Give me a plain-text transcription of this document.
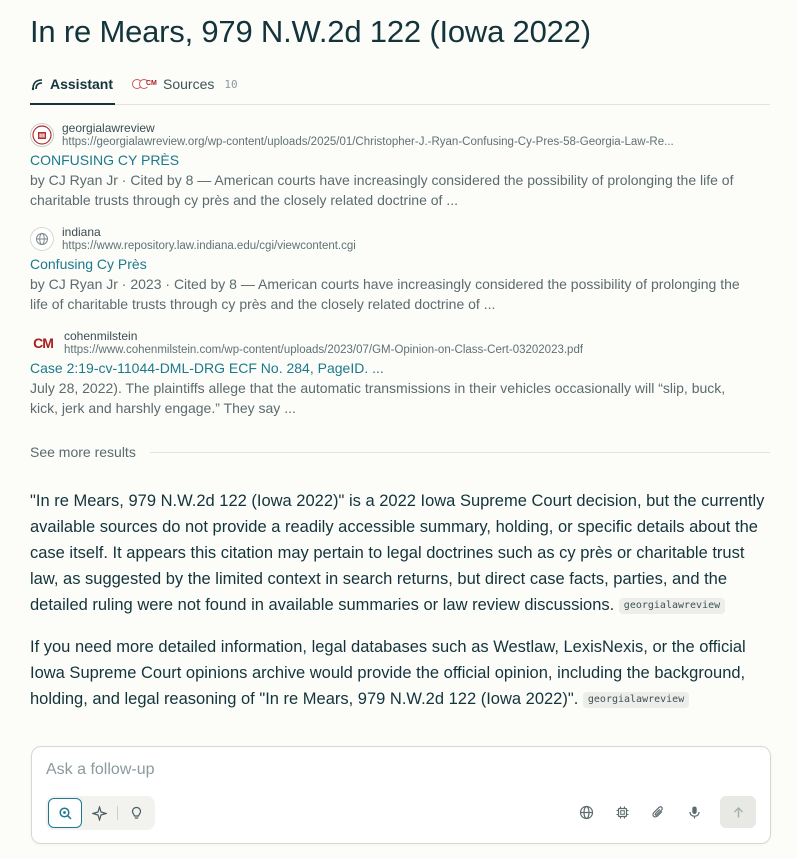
In re Mears, 979 N.W.2d 122 (Iowa 2022)
Assistant	CM Sources 10
georgialawreview
https://georgialawreview.org/wp-content/uploads/2025/01/Christopher-J.-Ryan-Confusing-Cy-Pres-58-Georgia-Law-Re...
CONFUSING CY PRÈS
by CJ Ryan Jr · Cited by 8 — American courts have increasingly considered the possibility of prolonging the life of charitable trusts through cy près and the closely related doctrine of ...
indiana
https://www.repository.law.indiana.edu/cgi/viewcontent.cgi
Confusing Cy Près
by CJ Ryan Jr · 2023 · Cited by 8 — American courts have increasingly considered the possibility of prolonging the life of charitable trusts through cy près and the closely related doctrine of ...
CM cohenmilstein
https://www.cohenmilstein.com/wp-content/uploads/2023/07/GM-Opinion-on-Class-Cert-03202023.pdf
Case 2:19-cv-11044-DML-DRG ECF No. 284, PageID. ...
July 28, 2022). The plaintiffs allege that the automatic transmissions in their vehicles occasionally will “slip, buck, kick, jerk and harshly engage.” They say ...
See more results

"In re Mears, 979 N.W.2d 122 (Iowa 2022)" is a 2022 Iowa Supreme Court decision, but the currently available sources do not provide a readily accessible summary, holding, or specific details about the case itself. It appears this citation may pertain to legal doctrines such as cy près or charitable trust law, as suggested by the limited context in search returns, but direct case facts, parties, and the detailed ruling were not found in available summaries or law review discussions. georgialawreview

If you need more detailed information, legal databases such as Westlaw, LexisNexis, or the official Iowa Supreme Court opinions archive would provide the official opinion, including the background, holding, and legal reasoning of "In re Mears, 979 N.W.2d 122 (Iowa 2022)". georgialawreview

Ask a follow-up
